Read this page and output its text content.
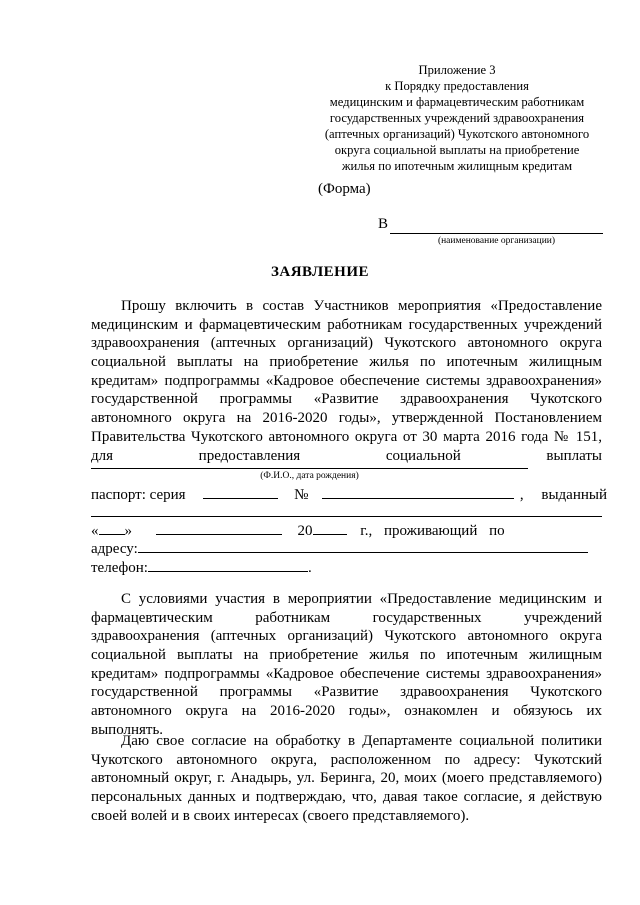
Приложение 3
к Порядку предоставления
медицинским и фармацевтическим работникам
государственных учреждений здравоохранения
(аптечных организаций) Чукотского автономного
округа социальной выплаты на приобретение
жилья по ипотечным жилищным кредитам
(Форма)
В
(наименование организации)
ЗАЯВЛЕНИЕ
Прошу включить в состав Участников мероприятия «Предоставление
медицинским и фармацевтическим работникам государственных учреждений
здравоохранения (аптечных организаций) Чукотского автономного округа
социальной выплаты на приобретение жилья по ипотечным жилищным
кредитам» подпрограммы «Кадровое обеспечение системы здравоохранения»
государственной программы «Развитие здравоохранения Чукотского
автономного округа на 2016-2020 годы», утвержденной Постановлением
Правительства Чукотского автономного округа от 30 марта 2016 года № 151,
для предоставления социальной выплаты
(Ф.И.О., дата рождения)
паспорт: серия	№	, выданный
« »	20	г., проживающий по
адресу:
телефон:	.
С условиями участия в мероприятии «Предоставление медицинским и
фармацевтическим работникам государственных учреждений
здравоохранения (аптечных организаций) Чукотского автономного округа
социальной выплаты на приобретение жилья по ипотечным жилищным
кредитам» подпрограммы «Кадровое обеспечение системы здравоохранения»
государственной программы «Развитие здравоохранения Чукотского
автономного округа на 2016-2020 годы», ознакомлен и обязуюсь их
выполнять.
Даю свое согласие на обработку в Департаменте социальной политики
Чукотского автономного округа, расположенном по адресу: Чукотский
автономный округ, г. Анадырь, ул. Беринга, 20, моих (моего представляемого)
персональных данных и подтверждаю, что, давая такое согласие, я действую
своей волей и в своих интересах (своего представляемого).
